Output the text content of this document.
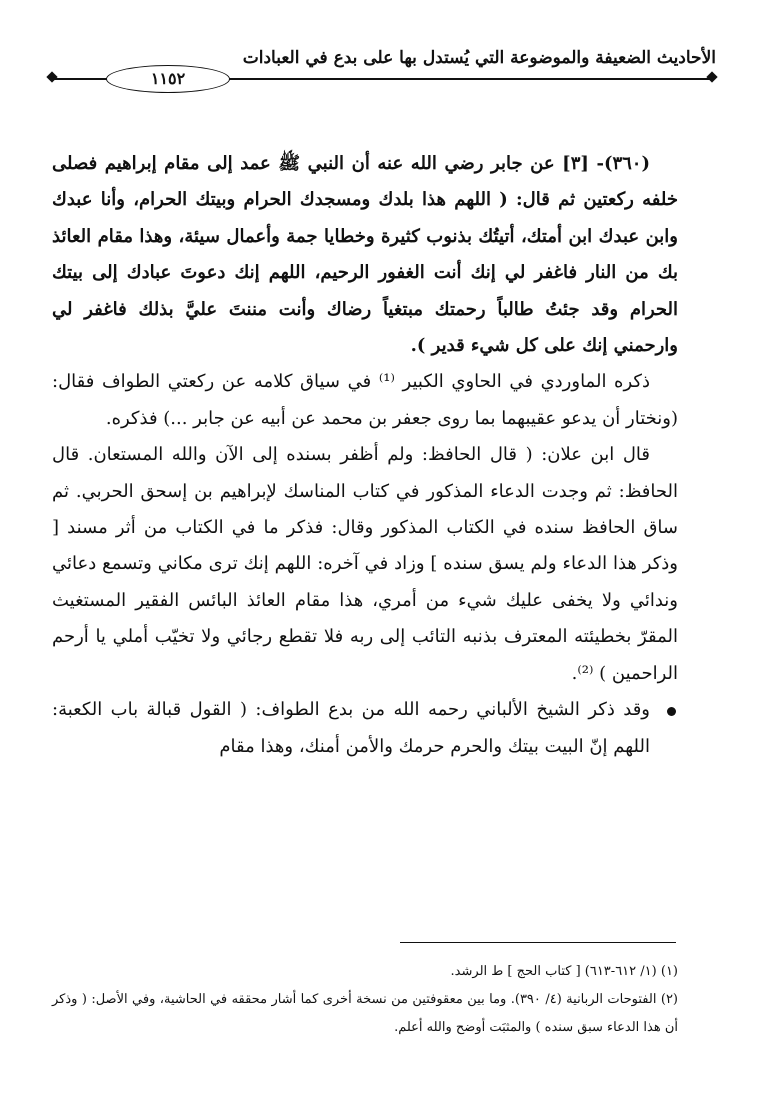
الأحاديث الضعيفة والموضوعة التي يُستدل بها على بدع في العبادات
١١٥٢

(٣٦٠)- [٣] عن جابر رضي الله عنه أن النبي ﷺ عمد إلى مقام إبراهيم فصلى خلفه ركعتين ثم قال: ( اللهم هذا بلدك ومسجدك الحرام وبيتك الحرام، وأنا عبدك وابن عبدك ابن أمتك، أتيتُك بذنوب كثيرة وخطايا جمة وأعمال سيئة، وهذا مقام العائذ بك من النار فاغفر لي إنك أنت الغفور الرحيم، اللهم إنك دعوتَ عبادك إلى بيتك الحرام وقد جئتُ طالباً رحمتك مبتغياً رضاك وأنت مننتَ عليَّ بذلك فاغفر لي وارحمني إنك على كل شيء قدير ).

ذكره الماوردي في الحاوي الكبير ⁽¹⁾ في سياق كلامه عن ركعتي الطواف فقال: (ونختار أن يدعو عقيبهما بما روى جعفر بن محمد عن أبيه عن جابر ...) فذكره.

قال ابن علان: ( قال الحافظ: ولم أظفر بسنده إلى الآن والله المستعان. قال الحافظ: ثم وجدت الدعاء المذكور في كتاب المناسك لإبراهيم بن إسحق الحربي. ثم ساق الحافظ سنده في الكتاب المذكور وقال: فذكر ما في الكتاب من أثر مسند [ وذكر هذا الدعاء ولم يسق سنده ] وزاد في آخره: اللهم إنك ترى مكاني وتسمع دعائي وندائي ولا يخفى عليك شيء من أمري، هذا مقام العائذ البائس الفقير المستغيث المقرّ بخطيئته المعترف بذنبه التائب إلى ربه فلا تقطع رجائي ولا تخيّب أملي يا أرحم الراحمين ) ⁽²⁾.

وقد ذكر الشيخ الألباني رحمه الله من بدع الطواف: ( القول قبالة باب الكعبة: اللهم إنّ البيت بيتك والحرم حرمك والأمن أمنك، وهذا مقام

(١) (١/ ٦١٢-٦١٣) [ كتاب الحج ] ط الرشد.

(٢) الفتوحات الربانية (٤/ ٣٩٠). وما بين معقوفتين من نسخة أخرى كما أشار محققه في الحاشية، وفي الأصل: ( وذكر أن هذا الدعاء سبق سنده ) والمثبَت أوضح والله أعلم.
